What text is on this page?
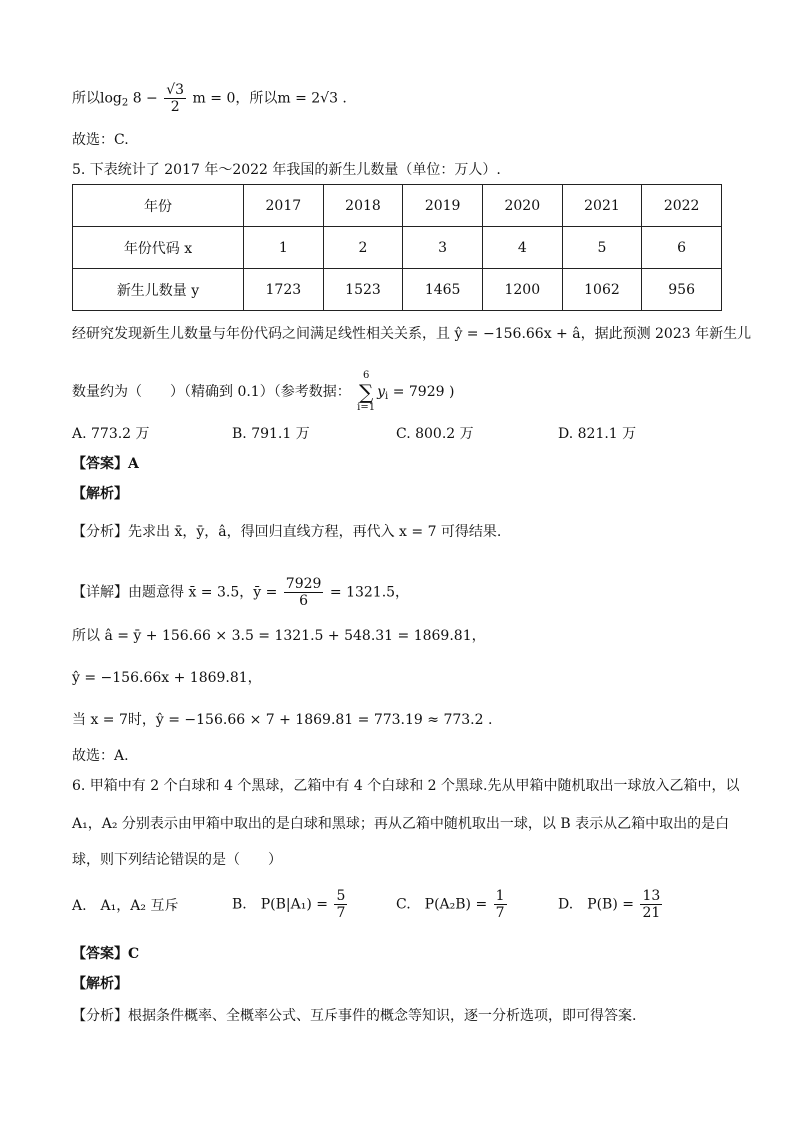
所以$\log_2 8 - \frac{√3}{2}$ m = 0，所以m = 2√3 .
故选：C.
5. 下表统计了 2017 年～2022 年我国的新生儿数量（单位：万人）.
年份	2017	2018	2019	2020	2021	2022
年份代码 x	1	2	3	4	5	6
新生儿数量 y	1723	1523	1465	1200	1062	956
经研究发现新生儿数量与年份代码之间满足线性相关关系，且 ŷ = −156.66x + â，据此预测 2023 年新生儿
数量约为（　　）（精确到 0.1）（参考数据：
6
∑
i=1
$y_i = 7929$ )
A. 773.2 万	B. 791.1 万	C. 800.2 万	D. 821.1 万
【答案】A
【解析】
【分析】先求出 x̄，ȳ，â，得回归直线方程，再代入 x = 7 可得结果.
【详解】由题意得 x̄ = 3.5，ȳ = $\frac{7929}{6} = 1321.5$，
所以 â = ȳ + 156.66 × 3.5 = 1321.5 + 548.31 = 1869.81，
ŷ = −156.66x + 1869.81，
当 x = 7时，ŷ = −156.66 × 7 + 1869.81 = 773.19 ≈ 773.2 .
故选：A.
6. 甲箱中有 2 个白球和 4 个黑球，乙箱中有 4 个白球和 2 个黑球.先从甲箱中随机取出一球放入乙箱中，以
A₁，A₂ 分别表示由甲箱中取出的是白球和黑球；再从乙箱中随机取出一球，以 B 表示从乙箱中取出的是白
球，则下列结论错误的是（　　）
A.　A₁，A₂ 互斥	B.　$P(B|A_1) = \frac{5}{7}$	C.　$P(A_2B) = \frac{1}{7}$	D.　$P(B) = \frac{13}{21}$
【答案】C
【解析】
【分析】根据条件概率、全概率公式、互斥事件的概念等知识，逐一分析选项，即可得答案.
